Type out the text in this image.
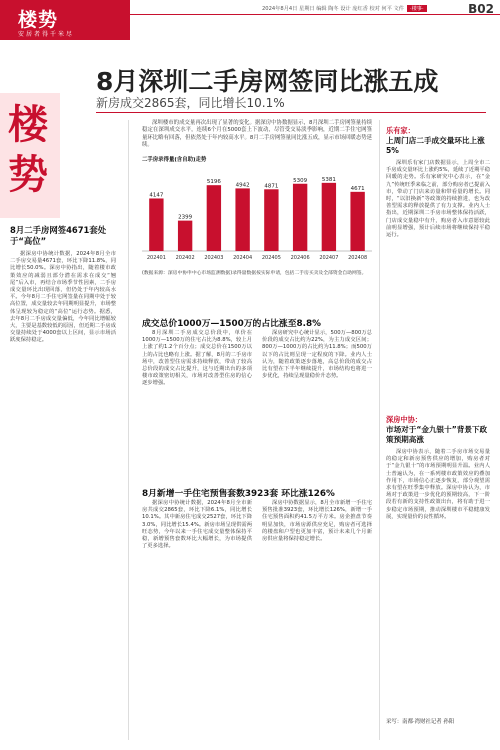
楼势
安居者得千米尽
2024年8月4日 星期日 编辑 陶冬 设计 庞红香 校对 何平 文件 ·楼事·	B02
楼势
8月深圳二手房网签同比涨五成
新房成交2865套，同比增长10.1%
8月二手房网签4671套处于“高位”
据深房中协统计数据，2024年8月全市二手房交易量4671套，环比下降11.8%，同比增长50.0%。深房中协指出，随着楼市政策效应的减弱且部分潜在需求在成交“翘尾”后入市，再结合市场季节性因素，二手房成交量环比出现回落，但仍处于年内较高水平。今年8月二手住宅网签量在同期中处于较高位置，成交量较去年同期明显提升，市场整体呈现较为稳定的“高位”运行态势。据悉，去年8月二手房成交量偏低，今年同比增幅较大，主要是基数较低的原因，但近期二手房成交量持续处于4000套以上区间，显示市场活跃度保持稳定。
深圳楼市的成交量再次出现了显著的变化。据深房中协数据显示，8月深圳二手房网签量持续稳定在深圳成交水平，连续6个月在5000套上下波动，尽管受交易淡季影响，近期二手住宅网签量环比略有回落，但依然处于年内较高水平。8月二手房网签量同比涨五成，显示市场回暖态势延续。
二手房录得量(含自助)走势
4147
202401
2399
202402
5196
202403
4942
202404
4871
202405
5309
202406
5381
202407
4671
202408
(数据来源：深房中协申中心市场监测数据)录得量数据按实际申请，包括二手房买卖及全部资金自助网签。
成交总价1000万—1500万的占比涨至8.8%
8月深圳二手房成交总价段中，单价在1000万—1500万的住宅占比为8.8%，较上月上涨了约1.2个百分点；成交总价在1500万以上的占比也略有上涨。据了解，8月的二手房市场中，改善型住房需求持续释放，带动了较高总价段的成交占比提升，这与近期出台的多项楼市政策密切相关，市场对改善型住房的信心逐步增强。
深房研究中心统计显示，500万—800万总价段的成交占比约为22%，为主力成交区间；800万—1000万的占比约为11.8%；而500万以下的占比则呈现一定程度的下降。业内人士认为，随着政策逐步落地，高总价段的成交占比有望在下半年继续提升，市场结构也将进一步优化，持续呈现量稳价升态势。
8月新增一手住宅预售套数3923套 环比涨126%
据深房中协统计数据，2024年8月全市新房共成交2865套，环比下降6.1%，同比增长10.1%。其中新房住宅成交2527套，环比下降3.0%，同比增长15.4%。新房市场呈现供需两旺态势，今年以来一手住宅成交量整体保持平稳，新增预售套数环比大幅增长，为市场提供了更多选择。
深房中协数据显示，8月全市新增一手住宅预售批准3923套，环比增长126%，新增一手住宅预售面积约41.5万平方米。房企推盘节奏明显加快，市场房源供应充足，购房者可选择的楼盘和户型也更加丰富，预计未来几个月新房供应量将保持稳定增长。
乐有家：
上周门店二手成交量环比上涨5%
深圳乐有家门店数据显示，上周全市二手房成交量环比上涨约5%，延续了近期平稳回暖的走势。乐有家研究中心表示，在“金九”传统旺季来临之前，部分购房者已提前入市，带动了门店来访量和带看量的增长。同时，“以旧换新”等政策的持续推进，也为改善型需求的释放提供了有力支撑。业内人士指出，近期深圳二手房市场整体保持活跃，门店成交量稳中有升，购房者入市意愿较此前明显增强，预计后续市场将继续保持平稳运行。
深房中协：
市场对于“金九银十”背景下政策预期高涨
深房中协表示，随着二手房市场交易量的稳定和新房预售供应的增加，购房者对于“金九银十”的市场预期明显升温。业内人士普遍认为，在一系列楼市政策效应的叠加作用下，市场信心正逐步恢复，部分观望需求有望在旺季集中释放。深房中协认为，市场对于政策进一步优化的预期较高，下一阶段若有新的支持性政策出台，将有助于进一步稳定市场预期，推动深圳楼市平稳健康发展，实现量价的良性循环。
采写：南都·湾财社记者 孙阳
